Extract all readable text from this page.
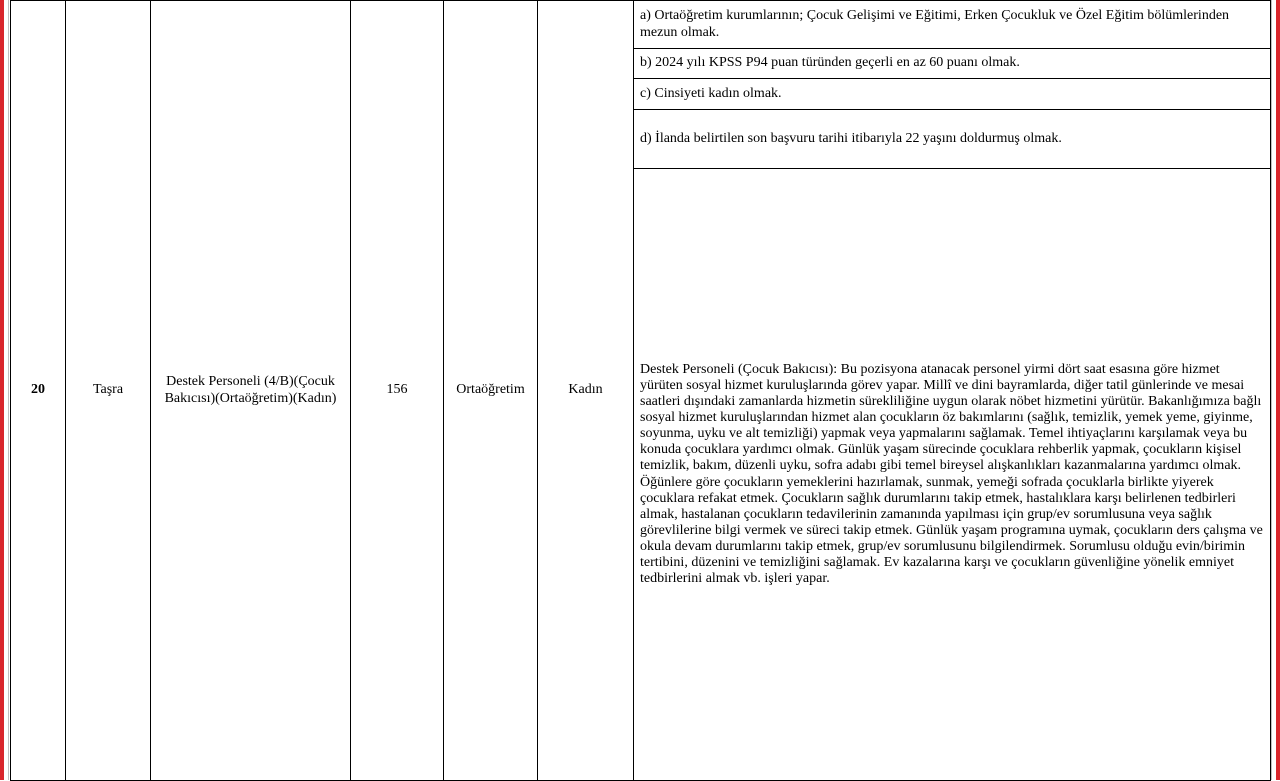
20	Taşra	Destek Personeli (4/B)(Çocuk Bakıcısı)(Ortaöğretim)(Kadın)	156	Ortaöğretim	Kadın	a) Ortaöğretim kurumlarının; Çocuk Gelişimi ve Eğitimi, Erken Çocukluk ve Özel Eğitim bölümlerinden mezun olmak.
b) 2024 yılı KPSS P94 puan türünden geçerli en az 60 puanı olmak.
c) Cinsiyeti kadın olmak.
d) İlanda belirtilen son başvuru tarihi itibarıyla 22 yaşını doldurmuş olmak.
Destek Personeli (Çocuk Bakıcısı): Bu pozisyona atanacak personel yirmi dört saat esasına göre hizmet yürüten sosyal hizmet kuruluşlarında görev yapar. Millî ve dini bayramlarda, diğer tatil günlerinde ve mesai saatleri dışındaki zamanlarda hizmetin sürekliliğine uygun olarak nöbet hizmetini yürütür. Bakanlığımıza bağlı sosyal hizmet kuruluşlarından hizmet alan çocukların öz bakımlarını (sağlık, temizlik, yemek yeme, giyinme, soyunma, uyku ve alt temizliği) yapmak veya yapmalarını sağlamak. Temel ihtiyaçlarını karşılamak veya bu konuda çocuklara yardımcı olmak. Günlük yaşam sürecinde çocuklara rehberlik yapmak, çocukların kişisel temizlik, bakım, düzenli uyku, sofra adabı gibi temel bireysel alışkanlıkları kazanmalarına yardımcı olmak. Öğünlere göre çocukların yemeklerini hazırlamak, sunmak, yemeği sofrada çocuklarla birlikte yiyerek çocuklara refakat etmek. Çocukların sağlık durumlarını takip etmek, hastalıklara karşı belirlenen tedbirleri almak, hastalanan çocukların tedavilerinin zamanında yapılması için grup/ev sorumlusuna veya sağlık görevlilerine bilgi vermek ve süreci takip etmek. Günlük yaşam programına uymak, çocukların ders çalışma ve okula devam durumlarını takip etmek, grup/ev sorumlusunu bilgilendirmek. Sorumlusu olduğu evin/birimin tertibini, düzenini ve temizliğini sağlamak. Ev kazalarına karşı ve çocukların güvenliğine yönelik emniyet tedbirlerini almak vb. işleri yapar.
